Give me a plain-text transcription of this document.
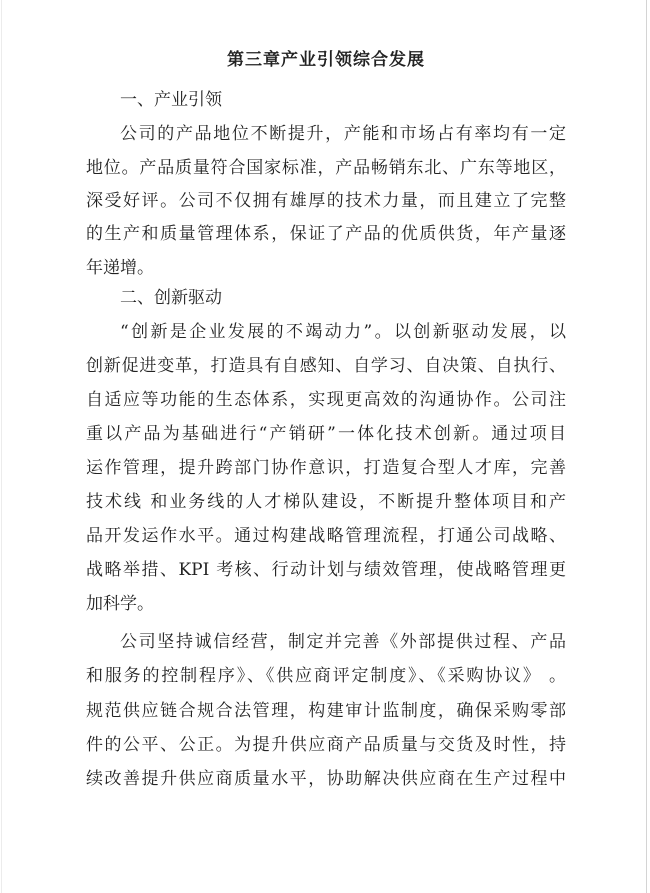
第三章产业引领综合发展
一、产业引领
公司的产品地位不断提升，产能和市场占有率均有一定
地位。产品质量符合国家标准，产品畅销东北、广东等地区，
深受好评。公司不仅拥有雄厚的技术力量，而且建立了完整
的生产和质量管理体系，保证了产品的优质供货，年产量逐
年递增。
二、创新驱动
“创新是企业发展的不竭动力”。以创新驱动发展，以
创新促进变革，打造具有自感知、自学习、自决策、自执行、
自适应等功能的生态体系，实现更高效的沟通协作。公司注
重以产品为基础进行“产销研”一体化技术创新。通过项目
运作管理，提升跨部门协作意识，打造复合型人才库，完善
技术线 和业务线的人才梯队建设，不断提升整体项目和产
品开发运作水平。通过构建战略管理流程，打通公司战略、
战略举措、KPI 考核、行动计划与绩效管理，使战略管理更
加科学。
公司坚持诚信经营，制定并完善《外部提供过程、产品
和服务的控制程序》、《供应商评定制度》、《采购协议》 。
规范供应链合规合法管理，构建审计监制度，确保采购零部
件的公平、公正。为提升供应商产品质量与交货及时性，持
续改善提升供应商质量水平，协助解决供应商在生产过程中
